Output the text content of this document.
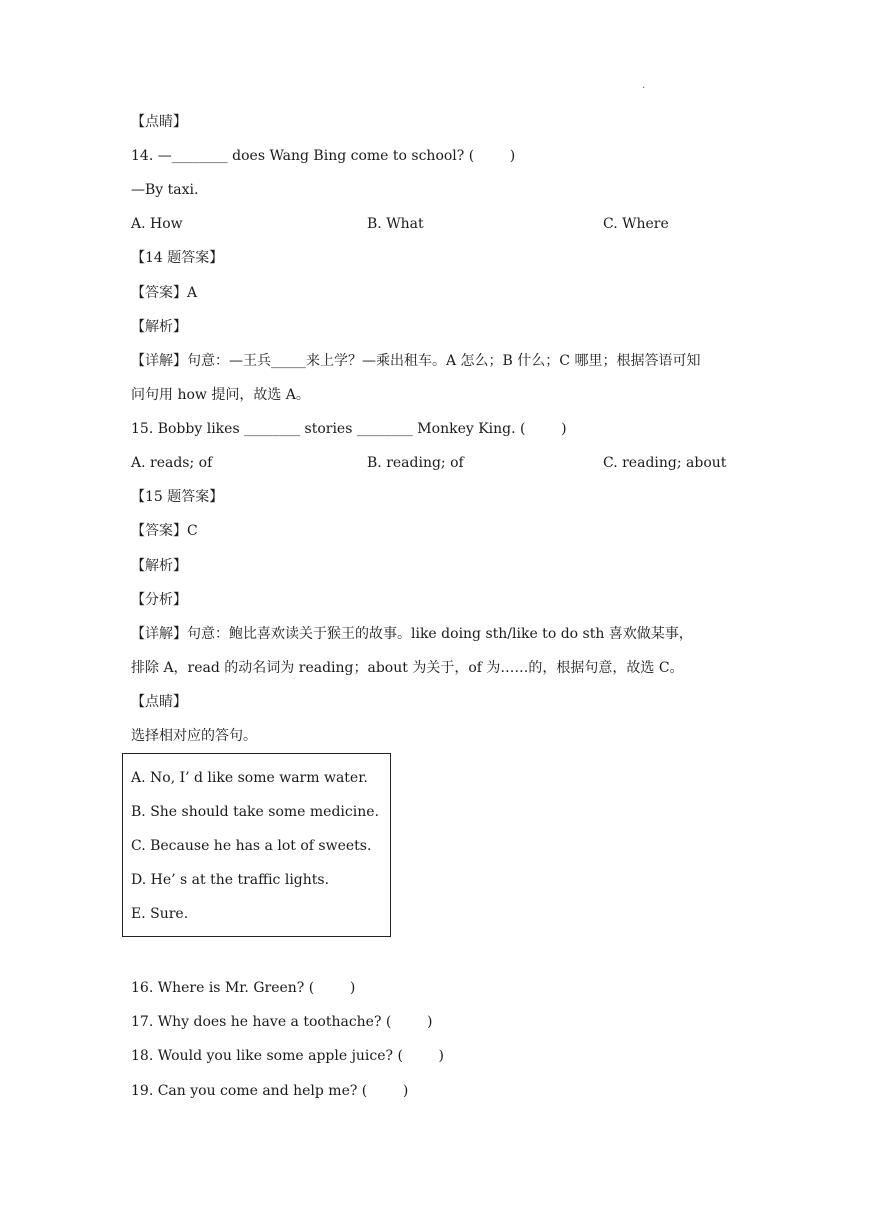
.
【点睛】
14. —________ does Wang Bing come to school? (        )
—By taxi.
A. How	B. What	C. Where
【14 题答案】
【答案】A
【解析】
【详解】句意：—王兵_____来上学？—乘出租车。A 怎么；B 什么；C 哪里；根据答语可知
问句用 how 提问，故选 A。
15. Bobby likes ________ stories ________ Monkey King. (        )
A. reads; of	B. reading; of	C. reading; about
【15 题答案】
【答案】C
【解析】
【分析】
【详解】句意：鲍比喜欢读关于猴王的故事。like doing sth/like to do sth 喜欢做某事，
排除 A，read 的动名词为 reading；about 为关于，of 为……的，根据句意，故选 C。
【点睛】
选择相对应的答句。
A. No, I’ d like some warm water.
B. She should take some medicine.
C. Because he has a lot of sweets.
D. He’ s at the traffic lights.
E. Sure.
16. Where is Mr. Green? (        )
17. Why does he have a toothache? (        )
18. Would you like some apple juice? (        )
19. Can you come and help me? (        )
